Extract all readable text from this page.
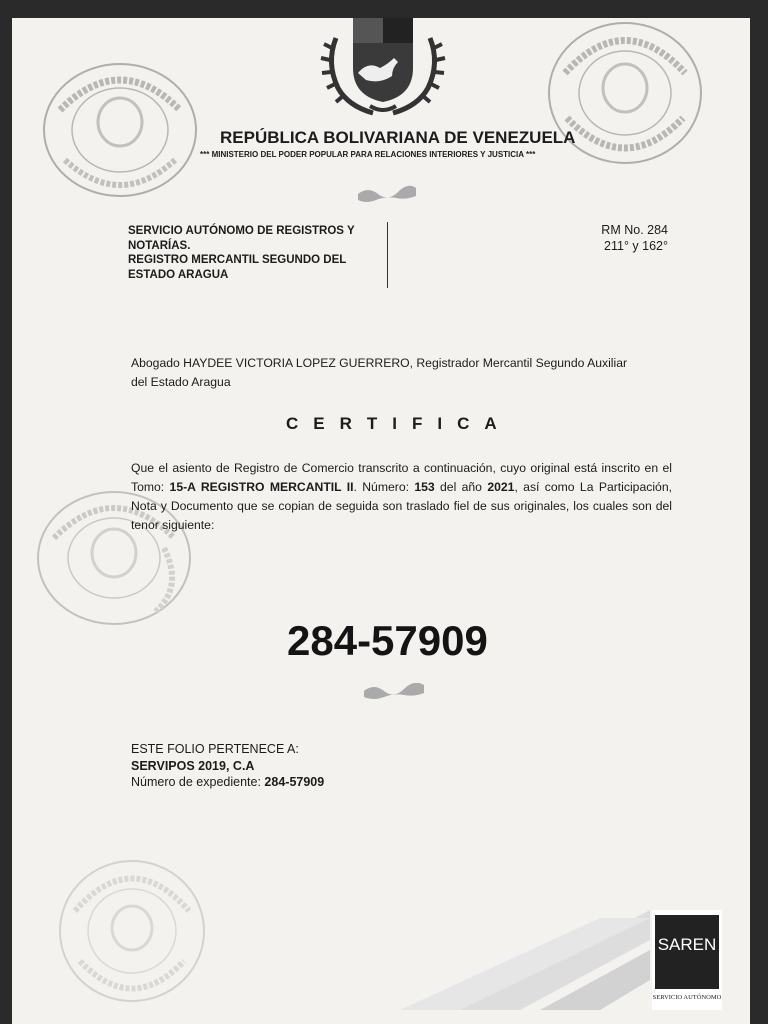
REPÚBLICA BOLIVARIANA DE VENEZUELA
*** MINISTERIO DEL PODER POPULAR PARA RELACIONES INTERIORES Y JUSTICIA ***
SERVICIO AUTÓNOMO DE REGISTROS Y
NOTARÍAS.
REGISTRO MERCANTIL SEGUNDO DEL
ESTADO ARAGUA
RM No. 284
211° y 162°
Abogado HAYDEE VICTORIA LOPEZ GUERRERO, Registrador Mercantil Segundo Auxiliar
del Estado Aragua
CERTIFICA
Que el asiento de Registro de Comercio transcrito a continuación, cuyo original está inscrito en el Tomo: 15-A REGISTRO MERCANTIL II. Número: 153 del año 2021, así como La Participación, Nota y Documento que se copian de seguida son traslado fiel de sus originales, los cuales son del tenor siguiente:
284-57909
ESTE FOLIO PERTENECE A:
SERVIPOS 2019, C.A
Número de expediente: 284-57909
SAREN
SERVICIO AUTÓNOMO
